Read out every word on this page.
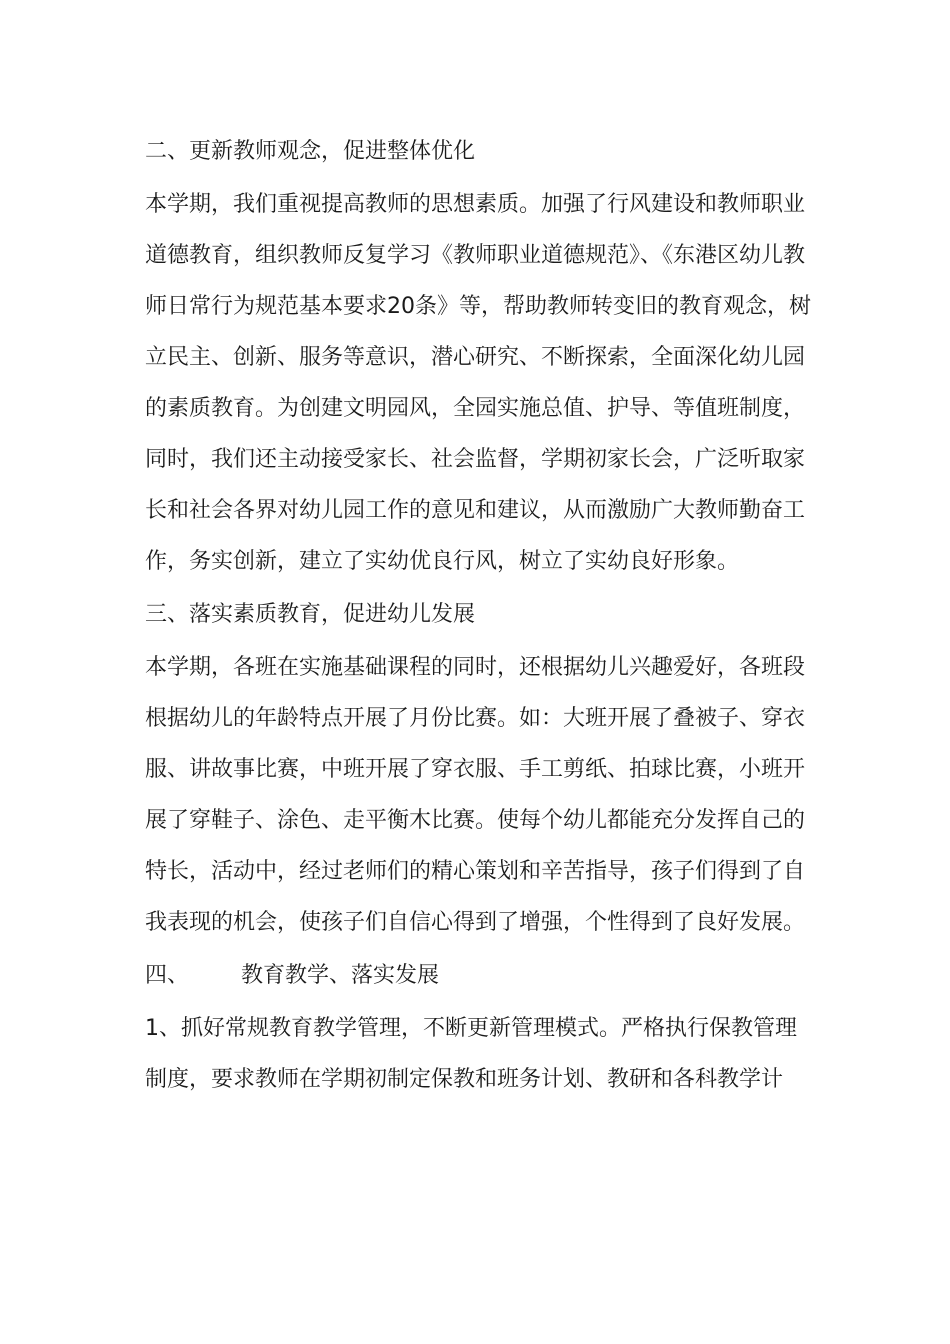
二、更新教师观念，促进整体优化
本学期，我们重视提高教师的思想素质。加强了行风建设和教师职业道德教育，组织教师反复学习《教师职业道德规范》、《东港区幼儿教师日常行为规范基本要求20条》等，帮助教师转变旧的教育观念，树立民主、创新、服务等意识，潜心研究、不断探索，全面深化幼儿园的素质教育。为创建文明园风，全园实施总值、护导、等值班制度，同时，我们还主动接受家长、社会监督，学期初家长会，广泛听取家长和社会各界对幼儿园工作的意见和建议，从而激励广大教师勤奋工作，务实创新，建立了实幼优良行风，树立了实幼良好形象。
三、落实素质教育，促进幼儿发展
本学期，各班在实施基础课程的同时，还根据幼儿兴趣爱好，各班段根据幼儿的年龄特点开展了月份比赛。如：大班开展了叠被子、穿衣服、讲故事比赛，中班开展了穿衣服、手工剪纸、拍球比赛，小班开展了穿鞋子、涂色、走平衡木比赛。使每个幼儿都能充分发挥自己的特长，活动中，经过老师们的精心策划和辛苦指导，孩子们得到了自我表现的机会，使孩子们自信心得到了增强，个性得到了良好发展。
四、 教育教学、落实发展
1、抓好常规教育教学管理，不断更新管理模式。严格执行保教管理制度，要求教师在学期初制定保教和班务计划、教研和各科教学计
